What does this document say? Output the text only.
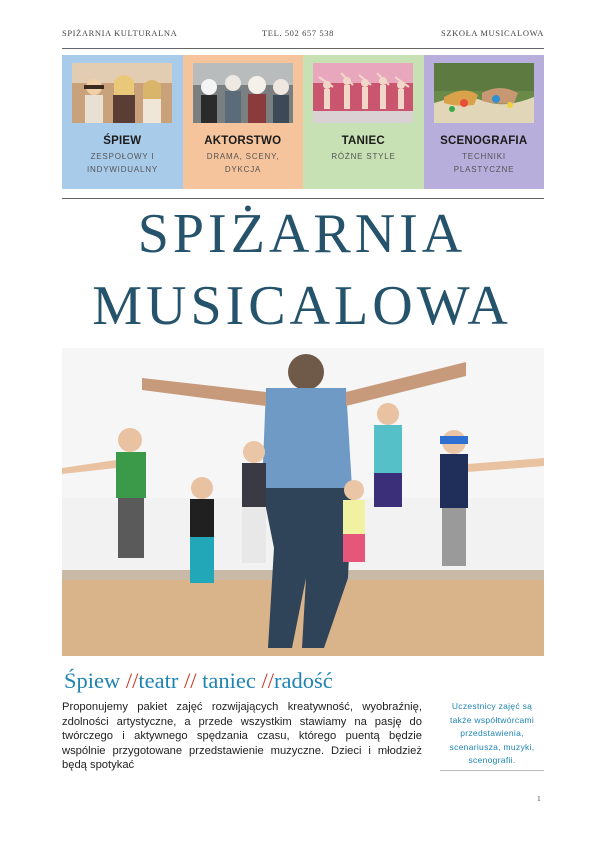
SPIŻARNIA KULTURALNA	TEL. 502 657 538	SZKOŁA MUSICALOWA
ŚPIEW
ZESPOŁOWY I INDYWIDUALNY
AKTORSTWO
DRAMA, SCENY, DYKCJA
TANIEC
RÓŻNE STYLE
SCENOGRAFIA
TECHNIKI PLASTYCZNE
SPIŻARNIA
MUSICALOWA
Śpiew //teatr // taniec //radość
Proponujemy pakiet zajęć rozwijających kreatywność, wyobraźnię, zdolności artystyczne, a przede wszystkim stawiamy na pasję do twórczego i aktywnego spędzania czasu, którego puentą będzie wspólnie przygotowane przedstawienie muzyczne. Dzieci i młodzież będą spotykać
Uczestnicy zajęć są także współtwórcami przedstawienia, scenariusza, muzyki, scenografii.
1
